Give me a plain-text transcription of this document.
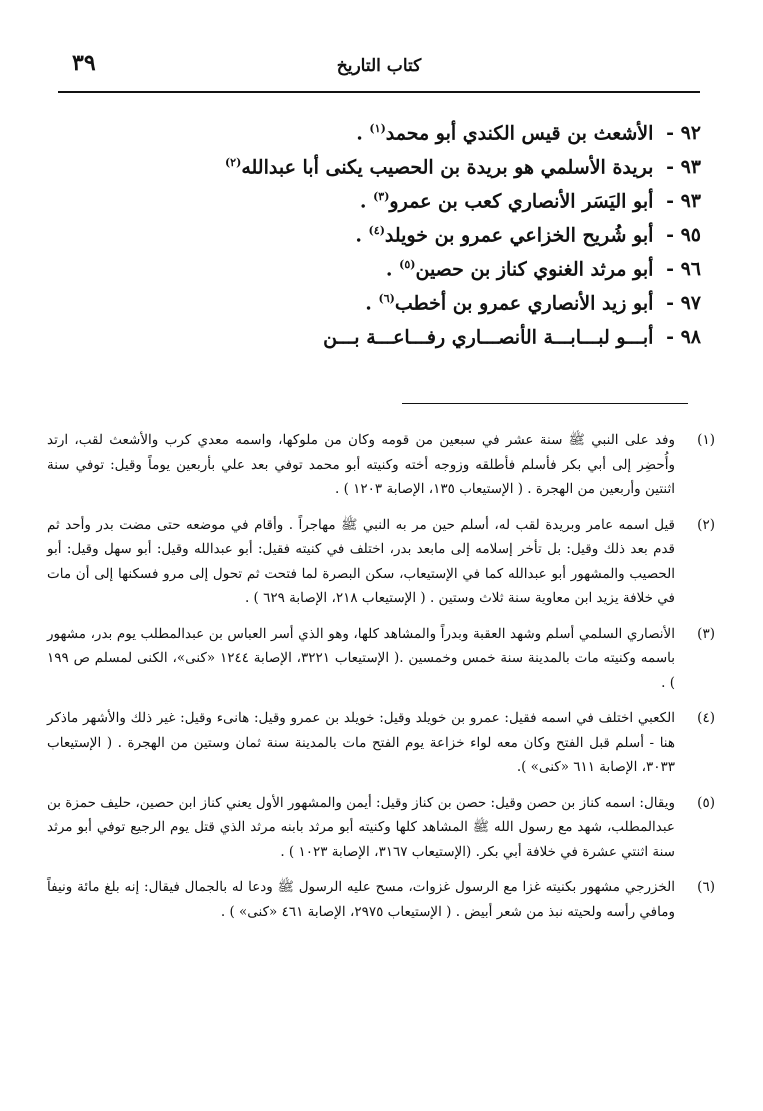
كتاب التاريخ
٣٩
٩٢ - الأشعث بن قيس الكندي أبو محمد$^{(١)}$ .
٩٣ - بريدة الأسلمي هو بريدة بن الحصيب يكنى أبا عبدالله$^{(٢)}$
٩٣ - أبو اليَسَر الأنصاري كعب بن عمرو$^{(٣)}$ .
٩٥ - أبو شُريح الخزاعي عمرو بن خويلد$^{(٤)}$ .
٩٦ - أبو مرثد الغنوي كناز بن حصين$^{(٥)}$ .
٩٧ - أبو زيد الأنصاري عمرو بن أخطب$^{(٦)}$ .
٩٨ - أبـــو لبـــابـــة الأنصـــاري رفـــاعـــة بـــن
(١)

وفد على النبي ﷺ سنة عشر في سبعين من قومه وكان من ملوكها، واسمه معدي كرب والأشعث لقب، ارتد وأُحضِر إلى أبي بكر فأسلم فأطلقه وزوجه أخته وكنيته أبو محمد توفي بعد علي بأربعين يوماً وقيل: توفي سنة اثنتين وأربعين من الهجرة . ( الإستيعاب ١٣٥، الإصابة ١٢٠٣ ) .

(٢)

قيل اسمه عامر وبريدة لقب له، أسلم حين مر به النبي ﷺ مهاجراً . وأقام في موضعه حتى مضت بدر وأحد ثم قدم بعد ذلك وقيل: بل تأخر إسلامه إلى مابعد بدر، اختلف في كنيته فقيل: أبو عبدالله وقيل: أبو سهل وقيل: أبو الحصيب والمشهور أبو عبدالله كما في الإستيعاب، سكن البصرة لما فتحت ثم تحول إلى مرو فسكنها إلى أن مات في خلافة يزيد ابن معاوية سنة ثلاث وستين . ( الإستيعاب ٢١٨، الإصابة ٦٢٩ ) .

(٣)

الأنصاري السلمي أسلم وشهد العقبة وبدراً والمشاهد كلها، وهو الذي أسر العباس بن عبدالمطلب يوم بدر، مشهور باسمه وكنيته مات بالمدينة سنة خمس وخمسين .( الإستيعاب ٣٢٢١، الإصابة ١٢٤٤ «كنى»، الكنى لمسلم ص ١٩٩ ) .

(٤)

الكعبي اختلف في اسمه فقيل: عمرو بن خويلد وقيل: خويلد بن عمرو وقيل: هانىء وقيل: غير ذلك والأشهر ماذكر هنا - أسلم قبل الفتح وكان معه لواء خزاعة يوم الفتح مات بالمدينة سنة ثمان وستين من الهجرة . ( الإستيعاب ٣٠٣٣، الإصابة ٦١١ «كنى» ).

(٥)

ويقال: اسمه كناز بن حصن وقيل: حصن بن كناز وقيل: أيمن والمشهور الأول يعني كناز ابن حصين، حليف حمزة بن عبدالمطلب، شهد مع رسول الله ﷺ المشاهد كلها وكنيته أبو مرثد بابنه مرثد الذي قتل يوم الرجيع توفي أبو مرثد سنة اثنتي عشرة في خلافة أبي بكر. (الإستيعاب ٣١٦٧، الإصابة ١٠٢٣ ) .

(٦)

الخزرجي مشهور بكنيته غزا مع الرسول غزوات، مسح عليه الرسول ﷺ ودعا له بالجمال فيقال: إنه بلغ مائة ونيفاً ومافي رأسه ولحيته نبذ من شعر أبيض . ( الإستيعاب ٢٩٧٥، الإصابة ٤٦١ «كنى» ) .
